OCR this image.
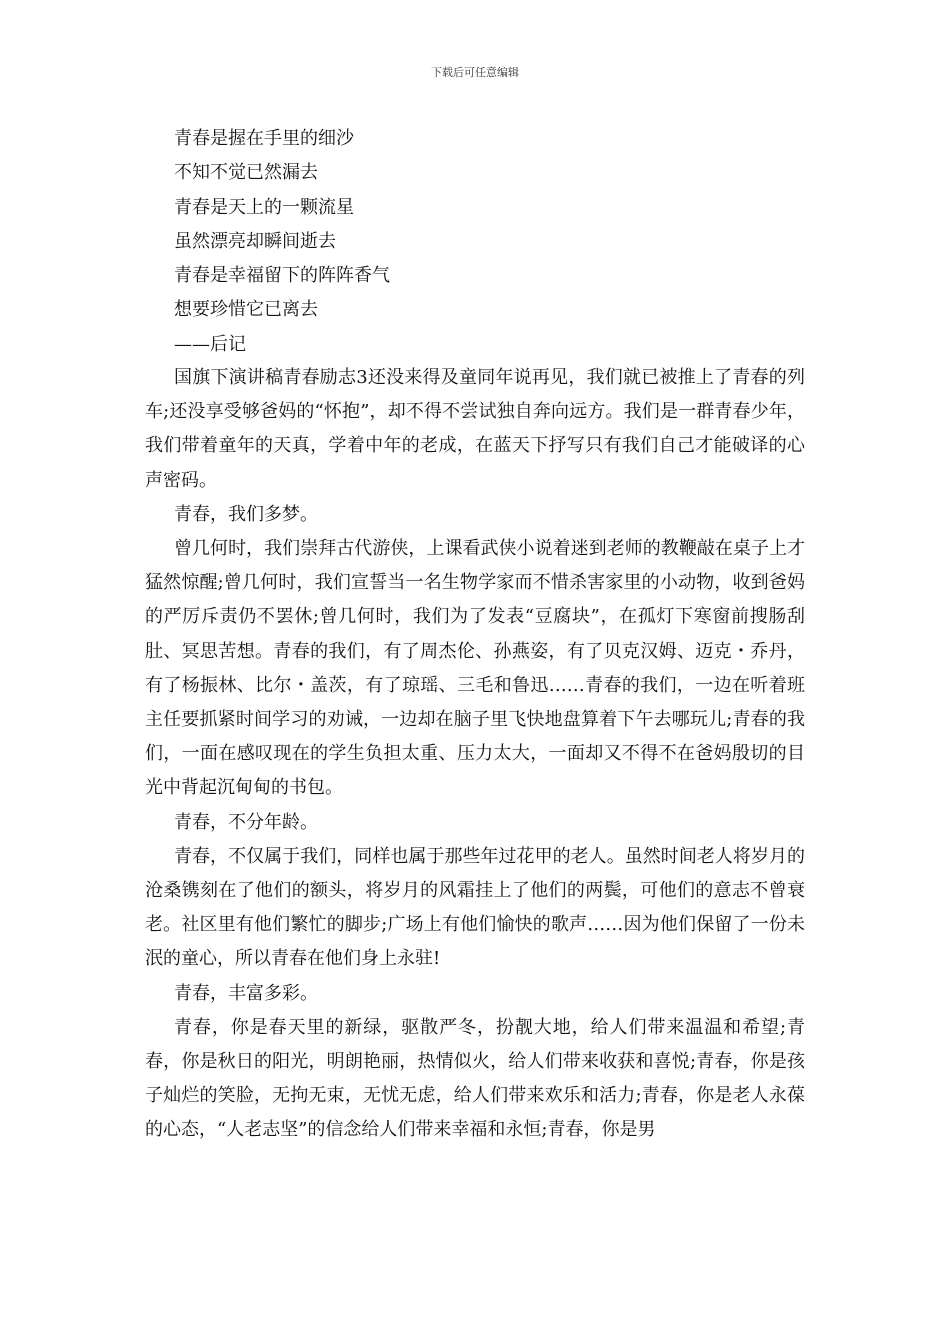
下载后可任意编辑
青春是握在手里的细沙
不知不觉已然漏去
青春是天上的一颗流星
虽然漂亮却瞬间逝去
青春是幸福留下的阵阵香气
想要珍惜它已离去
——后记

国旗下演讲稿青春励志3还没来得及童同年说再见，我们就已被推上了青春的列车;还没享受够爸妈的“怀抱”，却不得不尝试独自奔向远方。我们是一群青春少年，我们带着童年的天真，学着中年的老成，在蓝天下抒写只有我们自己才能破译的心声密码。

青春，我们多梦。

曾几何时，我们崇拜古代游侠，上课看武侠小说着迷到老师的教鞭敲在桌子上才猛然惊醒;曾几何时，我们宣誓当一名生物学家而不惜杀害家里的小动物，收到爸妈的严厉斥责仍不罢休;曾几何时，我们为了发表“豆腐块”，在孤灯下寒窗前搜肠刮肚、冥思苦想。青春的我们，有了周杰伦、孙燕姿，有了贝克汉姆、迈克・乔丹，有了杨振林、比尔・盖茨，有了琼瑶、三毛和鲁迅……青春的我们，一边在听着班主任要抓紧时间学习的劝诫，一边却在脑子里飞快地盘算着下午去哪玩儿;青春的我们，一面在感叹现在的学生负担太重、压力太大，一面却又不得不在爸妈殷切的目光中背起沉甸甸的书包。

青春，不分年龄。

青春，不仅属于我们，同样也属于那些年过花甲的老人。虽然时间老人将岁月的沧桑镌刻在了他们的额头，将岁月的风霜挂上了他们的两鬓，可他们的意志不曾衰老。社区里有他们繁忙的脚步;广场上有他们愉快的歌声……因为他们保留了一份未泯的童心，所以青春在他们身上永驻!

青春，丰富多彩。

青春，你是春天里的新绿，驱散严冬，扮靓大地，给人们带来温温和希望;青春，你是秋日的阳光，明朗艳丽，热情似火，给人们带来收获和喜悦;青春，你是孩子灿烂的笑脸，无拘无束，无忧无虑，给人们带来欢乐和活力;青春，你是老人永葆的心态，“人老志坚”的信念给人们带来幸福和永恒;青春，你是男
